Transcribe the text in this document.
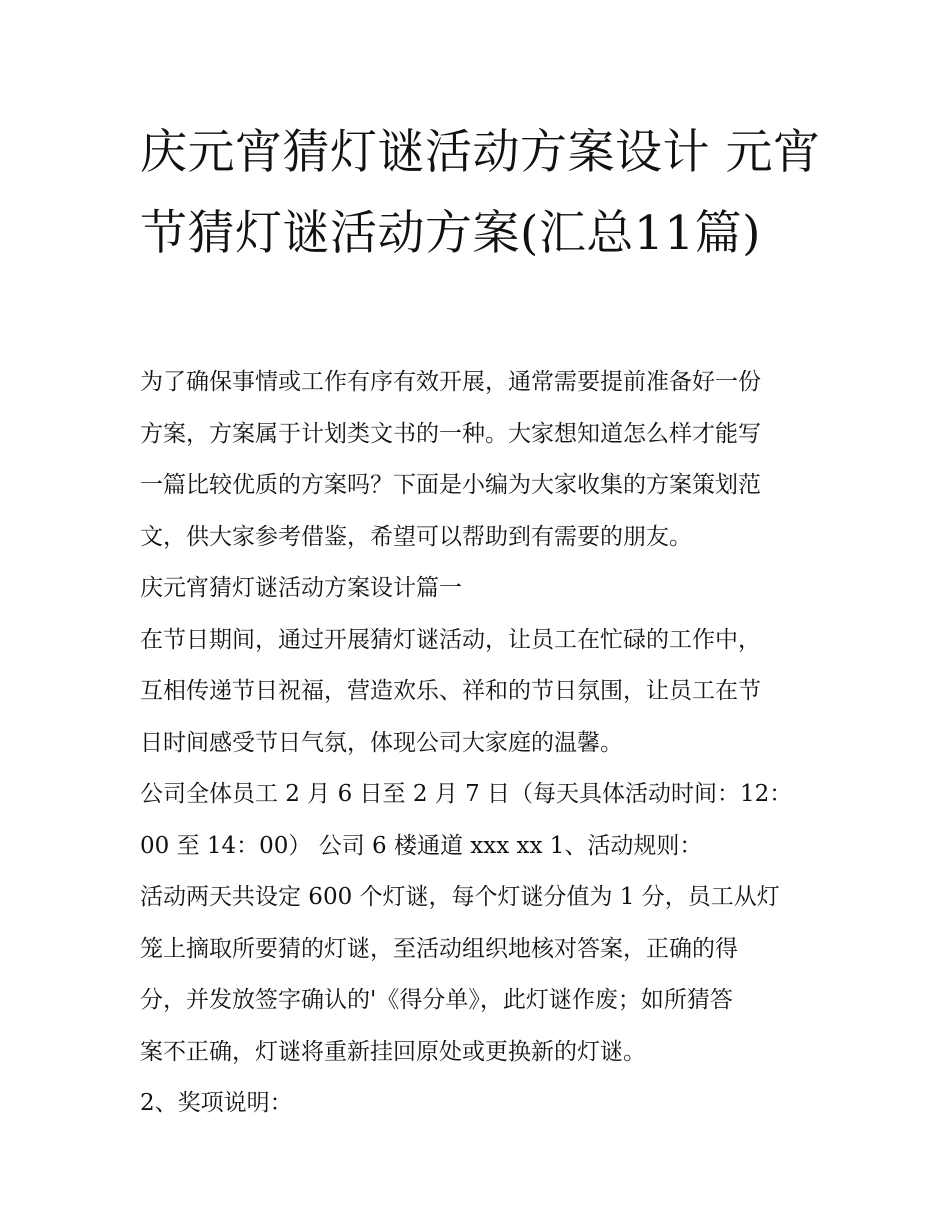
庆元宵猜灯谜活动方案设计 元宵节猜灯谜活动方案(汇总11篇)

为了确保事情或工作有序有效开展，通常需要提前准备好一份

方案，方案属于计划类文书的一种。大家想知道怎么样才能写

一篇比较优质的方案吗？下面是小编为大家收集的方案策划范

文，供大家参考借鉴，希望可以帮助到有需要的朋友。

庆元宵猜灯谜活动方案设计篇一

在节日期间，通过开展猜灯谜活动，让员工在忙碌的工作中，

互相传递节日祝福，营造欢乐、祥和的节日氛围，让员工在节

日时间感受节日气氛，体现公司大家庭的温馨。

公司全体员工 2 月 6 日至 2 月 7 日（每天具体活动时间：12：

00 至 14：00） 公司 6 楼通道 xxx xx 1、活动规则：

活动两天共设定 600 个灯谜，每个灯谜分值为 1 分，员工从灯

笼上摘取所要猜的灯谜，至活动组织地核对答案，正确的得

分，并发放签字确认的'《得分单》，此灯谜作废；如所猜答

案不正确，灯谜将重新挂回原处或更换新的灯谜。

2、奖项说明：
